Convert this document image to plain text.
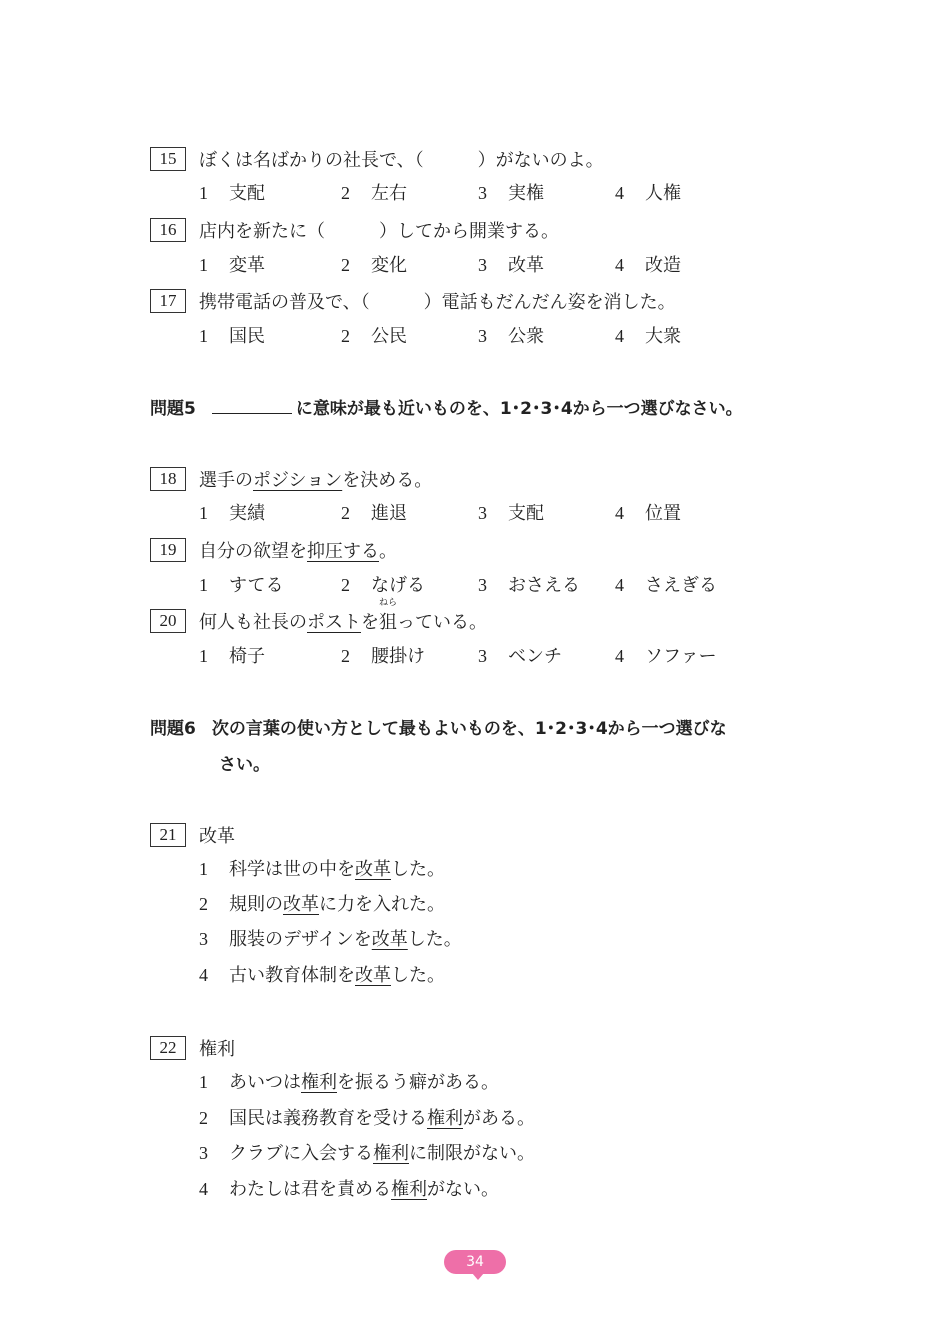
15	ぼくは名ばかりの社長で、（　　　）がないのよ。
1 支配	2 左右	3 実権	4 人権
16	店内を新たに（　　　）してから開業する。
1 変革	2 変化	3 改革	4 改造
17	携帯電話の普及で、（　　　）電話もだんだん姿を消した。
1 国民	2 公民	3 公衆	4 大衆
問題5	に意味が最も近いものを、1･2･3･4から一つ選びなさい。
18	選手のポジションを決める。
1 実績	2 進退	3 支配	4 位置
19	自分の欲望を抑圧する。
1 すてる	2 なげる	3 おさえる 4 さえぎる
20	何人も社長のポストを
ねら
狙っている。
1 椅子	2 腰掛け	3 ベンチ	4 ソファー
問題6 次の言葉の使い方として最もよいものを、1･2･3･4から一つ選びな
さい。
21	改革
1 科学は世の中を改革した。
2 規則の改革に力を入れた。
3 服装のデザインを改革した。
4 古い教育体制を改革した。
22	権利
1 あいつは権利を振るう癖がある。
2 国民は義務教育を受ける権利がある。
3 クラブに入会する権利に制限がない。
4 わたしは君を責める権利がない。
34
